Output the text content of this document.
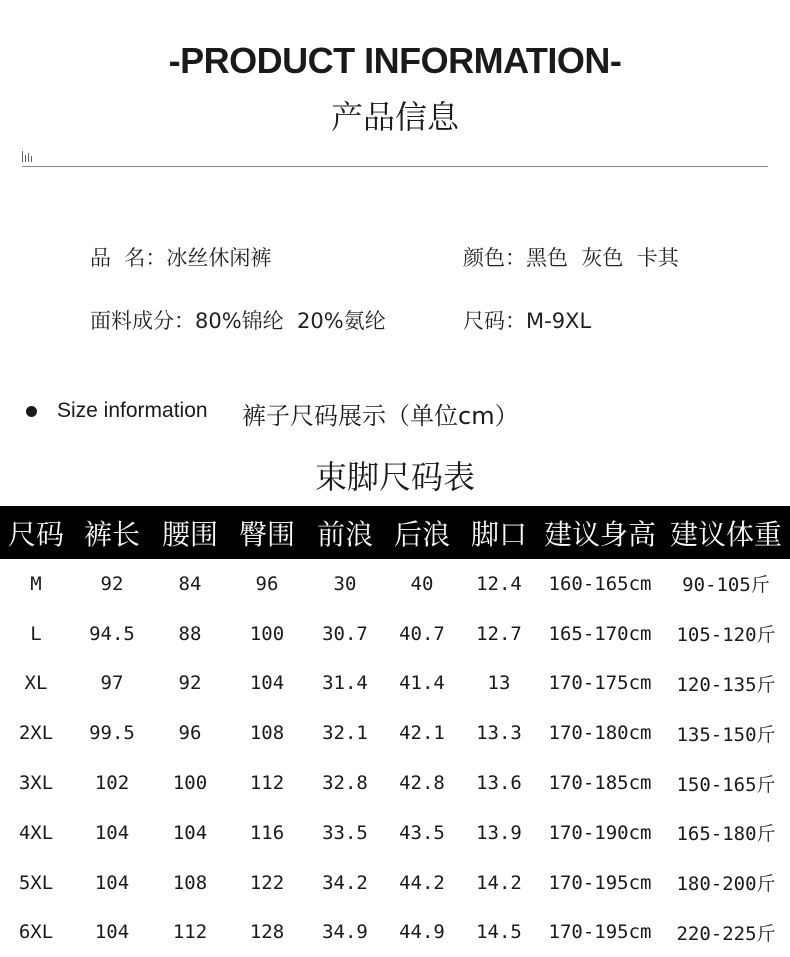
-PRODUCT INFORMATION-
产品信息
品  名：冰丝休闲裤	颜色：黑色  灰色  卡其
面料成分：80%锦纶  20%氨纶	尺码：M-9XL
Size information 裤子尺码展示（单位cm）
束脚尺码表
尺码 裤长 腰围 臀围 前浪 后浪 脚口 建议身高 建议体重
M	92	84	96	30	40	12.4	160-165cm	90-105斤
L	94.5	88	100	30.7	40.7	12.7	165-170cm	105-120斤
XL	97	92	104	31.4	41.4	13	170-175cm	120-135斤
2XL	99.5	96	108	32.1	42.1	13.3	170-180cm	135-150斤
3XL	102	100	112	32.8	42.8	13.6	170-185cm	150-165斤
4XL	104	104	116	33.5	43.5	13.9	170-190cm	165-180斤
5XL	104	108	122	34.2	44.2	14.2	170-195cm	180-200斤
6XL	104	112	128	34.9	44.9	14.5	170-195cm	220-225斤
